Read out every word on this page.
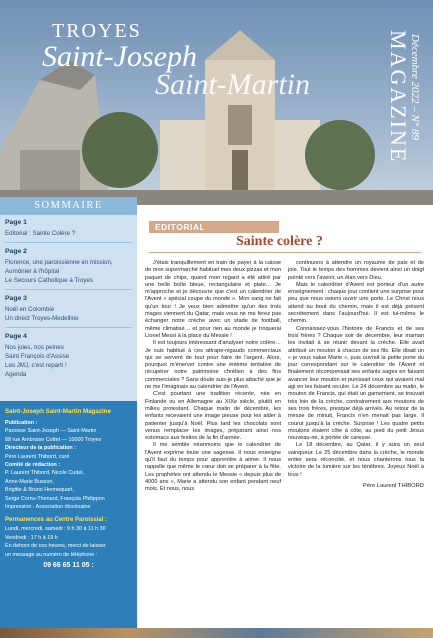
TROYES
Saint-Joseph
Saint-Martin	MAGAZINE
Décembre 2022 – N° 89
SOMMAIRE
Page 1
Editorial : Sainte Colère ?
Page 2
Florence, une paroissienne en mission,
Aumônier à l'hôpital
Le Secours Catholique à Troyes
Page 3
Noël en Colombie
Un direct Troyes-Medelline
Page 4
Nos joies, nos peines
Saint François d'Assise
Les JMJ, c'est reparti !
Agenda
Saint-Joseph Saint-Martin Magazine
Publication :
Paroisse Saint-Joseph — Saint-Martin
88 rue Ambroise Cottet — 10000 Troyes
Directeur de la publication :
Père Laurent Thibord, curé
Comité de rédaction :
P. Laurent Thibord, Nicole Cudel,
Anne-Marie Busson,
Brigitte & Bruno Hennequart,
Serge Cornu-Thenard, François Philippon
Impression : Association diocésaine
Permanences au Centre Paroissial :
Lundi, mercredi, samedi : 9 h 30 à 11 h 30
Vendredi : 17 h à 19 h
En dehors de ces heures, merci de laisser
un message au numéro de téléphone :
09 66 65 11 05 :
EDITORIAL
Sainte colère ?

J'étais tranquillement en train de payer à la caisse de mon supermarché habituel mes deux pizzas et mon paquet de chips, quand mon regard a été attiré par une belle boîte bleue, rectangulaire et plate… Je m'approche et je découvre que c'est un calendrier de l'Avent « spécial coupe du monde ». Mon sang ne fait qu'un tour ! Je veux bien admettre qu'un des trois mages viennent du Qatar, mais vous ne me ferez pas échanger notre crèche avec un stade de football, même climatisé… et pour rien au monde je troquerai Lionel Messi à la place du Messie !

Il est toujours intéressant d'analyser notre colère… Je suis habitué à ces attrape-nigauds commerciaux qui se servent de tout pour faire de l'argent. Alors, pourquoi m'énerver contre une énième tentative de récupérer notre patrimoine chrétien à des fins commerciales ? Sans doute suis-je plus attaché que je ne me l'imaginais au calendrier de l'Avent.

C'est pourtant une tradition récente, née en Finlande ou en Allemagne au XIXe siècle, plutôt en milieu protestant. Chaque matin de décembre, les enfants recevaient une image pieuse pour les aider à patienter jusqu'à Noël. Plus tard les chocolats sont venus remplacer les images, préparant ainsi nos estomacs aux festins de la fin d'année.

Il me semble néanmoins que le calendrier de l'Avent exprime toute une sagesse. Il nous enseigne qu'il faut du temps pour apprendre à aimer. Il nous rappelle que même le cœur doit se préparer à la fête. Les prophètes ont attendu le Messie « depuis plus de 4000 ans », Marie a attendu son enfant pendant neuf mois. Et nous, nous

continuons à attendre un royaume de paix et de joie. Tout le temps des hommes devient ainsi un doigt pointé vers l'avenir, un élan vers Dieu.

Mais le calendrier d'Avent est porteur d'un autre enseignement : chaque jour contient une surprise pour peu que nous osions ouvrir une porte. Le Christ nous attend au bout du chemin, mais il est déjà présent secrètement dans l'aujourd'hui. Il est lui-même le chemin.

Connaissez-vous l'histoire de Francis et de ses trois frères ? Chaque soir de décembre, leur maman les invitait à se réunir devant la crèche. Elle avait attribué un mouton à chacun de ses fils. Elle disait un « je vous salue Marie », puis ouvrait la petite porte du jour correspondant sur le calendrier de l'Avent et finalement récompensait ses enfants sages en faisant avancer leur mouton et punissait ceux qui avaient mal agi en les faisant reculer. Le 24 décembre au matin, le mouton de Francis, qui était un garnement, se trouvait très loin de la crèche, contrairement aux moutons de ses trois frères, presque déjà arrivés. Au retour de la messe de minuit, Francis n'en menait pas large. Il courut jusqu'à la crèche. Surprise ! Les quatre petits moutons étaient côte à côte, au pied du petit Jésus nouveau-né, à portée de caresse.

Le 18 décembre, au Qatar, il y aura un seul vainqueur. Le 25 décembre dans la crèche, le monde entier sera réconcilié, et nous chanterons tous la victoire de la lumière sur les ténèbres. Joyeux Noël à tous !

Père Laurent THIBORD
